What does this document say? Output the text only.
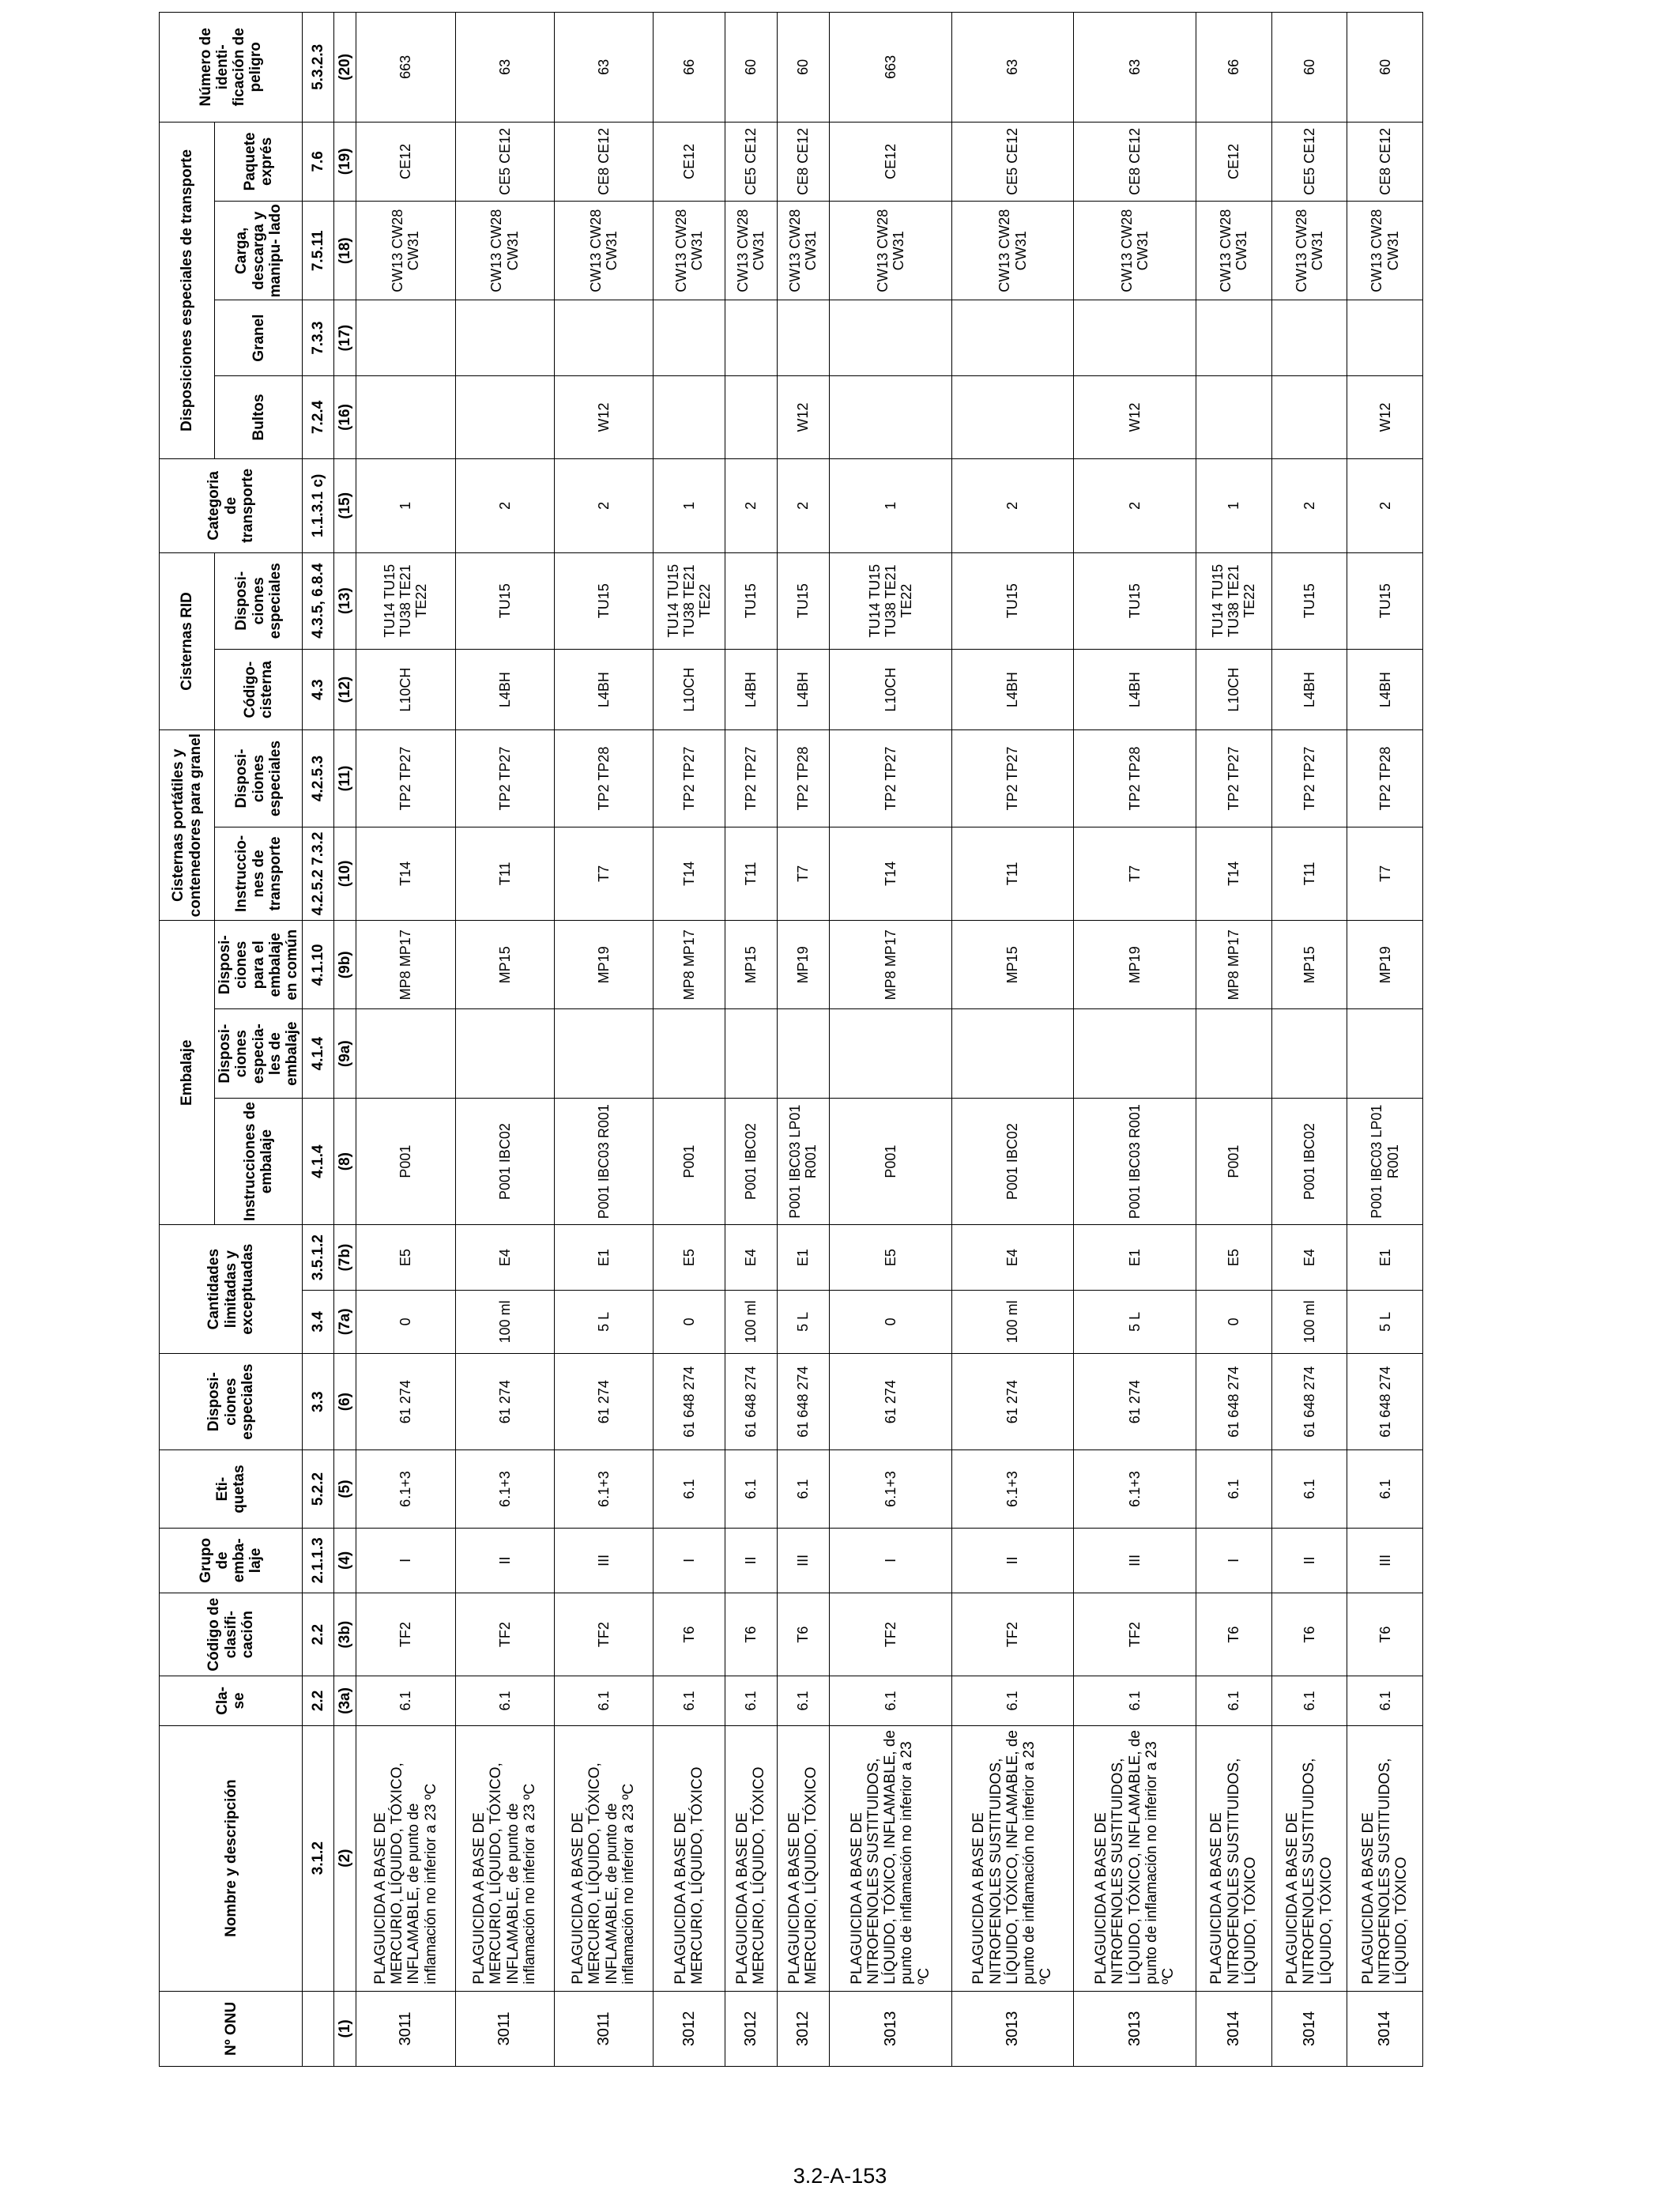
Nº ONU	Nombre y descripción	Cla- se	Código de clasifi- cación	Grupo de emba- laje	Eti- quetas	Disposi- ciones especiales	Cantidades limitadas y exceptuadas		Embalaje			Cisternas portátiles y contenedores para granel		Cisternas RID		Categoria de transporte	Disposiciones especiales de transporte				Número de identi- ficación de peligro
									Instrucciones de embalaje	Disposi- ciones especia- les de embalaje	Disposi- ciones para el embalaje en común	Instruccio- nes de transporte	Disposi- ciones especiales	Código- cisterna	Disposi- ciones especiales		Bultos	Granel	Carga, descarga y manipu- lado	Paquete exprés	
	3.1.2	2.2	2.2	2.1.1.3	5.2.2	3.3	3.4	3.5.1.2	4.1.4	4.1.4	4.1.10	4.2.5.2 7.3.2	4.2.5.3	4.3	4.3.5, 6.8.4	1.1.3.1 c)	7.2.4	7.3.3	7.5.11	7.6	5.3.2.3
(1)	(2)	(3a)	(3b)	(4)	(5)	(6)	(7a)	(7b)	(8)	(9a)	(9b)	(10)	(11)	(12)	(13)	(15)	(16)	(17)	(18)	(19)	(20)
3011	PLAGUICIDA A BASE DE MERCURIO, LÍQUIDO, TÓXICO, INFLAMABLE, de punto de inflamación no inferior a 23 ºC	6.1	TF2	I	6.1+3	61 274	0	E5	P001		MP8 MP17	T14	TP2 TP27	L10CH	TU14 TU15 TU38 TE21 TE22	1			CW13 CW28 CW31	CE12	663
3011	PLAGUICIDA A BASE DE MERCURIO, LÍQUIDO, TÓXICO, INFLAMABLE, de punto de inflamación no inferior a 23 ºC	6.1	TF2	II	6.1+3	61 274	100 ml	E4	P001 IBC02		MP15	T11	TP2 TP27	L4BH	TU15	2			CW13 CW28 CW31	CE5 CE12	63
3011	PLAGUICIDA A BASE DE MERCURIO, LÍQUIDO, TÓXICO, INFLAMABLE, de punto de inflamación no inferior a 23 ºC	6.1	TF2	III	6.1+3	61 274	5 L	E1	P001 IBC03 R001		MP19	T7	TP2 TP28	L4BH	TU15	2	W12		CW13 CW28 CW31	CE8 CE12	63
3012	PLAGUICIDA A BASE DE MERCURIO, LÍQUIDO, TÓXICO	6.1	T6	I	6.1	61 648 274	0	E5	P001		MP8 MP17	T14	TP2 TP27	L10CH	TU14 TU15 TU38 TE21 TE22	1			CW13 CW28 CW31	CE12	66
3012	PLAGUICIDA A BASE DE MERCURIO, LÍQUIDO, TÓXICO	6.1	T6	II	6.1	61 648 274	100 ml	E4	P001 IBC02		MP15	T11	TP2 TP27	L4BH	TU15	2			CW13 CW28 CW31	CE5 CE12	60
3012	PLAGUICIDA A BASE DE MERCURIO, LÍQUIDO, TÓXICO	6.1	T6	III	6.1	61 648 274	5 L	E1	P001 IBC03 LP01 R001		MP19	T7	TP2 TP28	L4BH	TU15	2	W12		CW13 CW28 CW31	CE8 CE12	60
3013	PLAGUICIDA A BASE DE NITROFENOLES SUSTITUIDOS, LÍQUIDO, TÓXICO, INFLAMABLE, de punto de inflamación no inferior a 23 ºC	6.1	TF2	I	6.1+3	61 274	0	E5	P001		MP8 MP17	T14	TP2 TP27	L10CH	TU14 TU15 TU38 TE21 TE22	1			CW13 CW28 CW31	CE12	663
3013	PLAGUICIDA A BASE DE NITROFENOLES SUSTITUIDOS, LÍQUIDO, TÓXICO, INFLAMABLE, de punto de inflamación no inferior a 23 ºC	6.1	TF2	II	6.1+3	61 274	100 ml	E4	P001 IBC02		MP15	T11	TP2 TP27	L4BH	TU15	2			CW13 CW28 CW31	CE5 CE12	63
3013	PLAGUICIDA A BASE DE NITROFENOLES SUSTITUIDOS, LÍQUIDO, TÓXICO, INFLAMABLE, de punto de inflamación no inferior a 23 ºC	6.1	TF2	III	6.1+3	61 274	5 L	E1	P001 IBC03 R001		MP19	T7	TP2 TP28	L4BH	TU15	2	W12		CW13 CW28 CW31	CE8 CE12	63
3014	PLAGUICIDA A BASE DE NITROFENOLES SUSTITUIDOS, LÍQUIDO, TÓXICO	6.1	T6	I	6.1	61 648 274	0	E5	P001		MP8 MP17	T14	TP2 TP27	L10CH	TU14 TU15 TU38 TE21 TE22	1			CW13 CW28 CW31	CE12	66
3014	PLAGUICIDA A BASE DE NITROFENOLES SUSTITUIDOS, LÍQUIDO, TÓXICO	6.1	T6	II	6.1	61 648 274	100 ml	E4	P001 IBC02		MP15	T11	TP2 TP27	L4BH	TU15	2			CW13 CW28 CW31	CE5 CE12	60
3014	PLAGUICIDA A BASE DE NITROFENOLES SUSTITUIDOS, LÍQUIDO, TÓXICO	6.1	T6	III	6.1	61 648 274	5 L	E1	P001 IBC03 LP01 R001		MP19	T7	TP2 TP28	L4BH	TU15	2	W12		CW13 CW28 CW31	CE8 CE12	60
3.2-A-153
